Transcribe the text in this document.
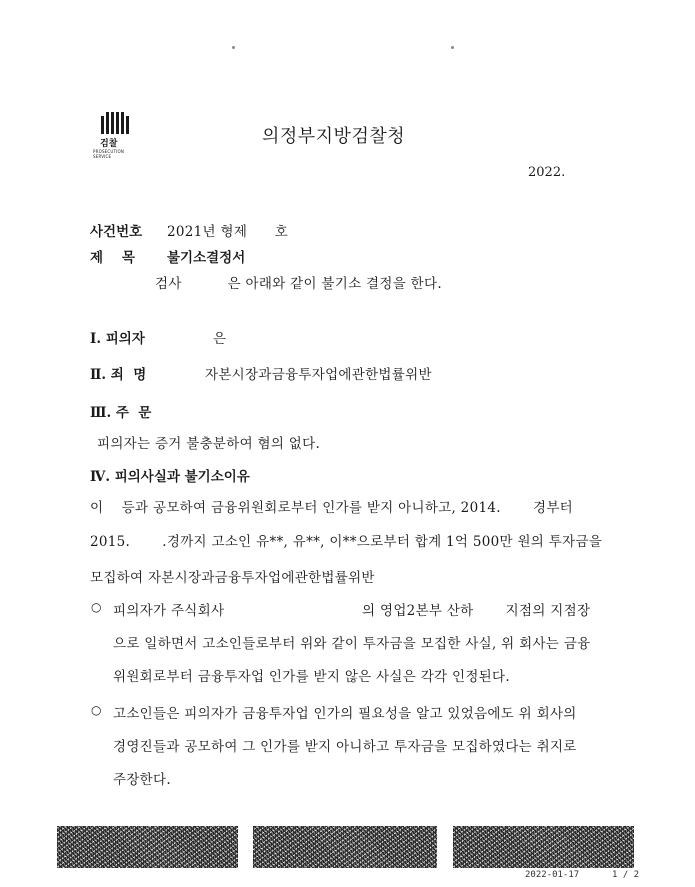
검찰
PROSECUTION SERVICE
의정부지방검찰청
2022.
사건번호 2021년 형제      호
제    목 불기소결정서
검사          은 아래와 같이 불기소 결정을 한다.
Ⅰ. 피의자	은
Ⅱ. 죄  명	자본시장과금융투자업에관한법률위반
Ⅲ. 주  문
피의자는 증거 불충분하여 혐의 없다.
Ⅳ. 피의사실과 불기소이유
이    등과 공모하여 금융위원회로부터 인가를 받지 아니하고, 2014.       경부터
2015.       .경까지 고소인 유**, 유**, 이**으로부터 합계 1억 500만 원의 투자금을
모집하여 자본시장과금융투자업에관한법률위반
○ 피의자가 주식회사                              의 영업2본부 산하       지점의 지점장
으로 일하면서 고소인들로부터 위와 같이 투자금을 모집한 사실, 위 회사는 금융
위원회로부터 금융투자업 인가를 받지 않은 사실은 각각 인정된다.
○ 고소인들은 피의자가 금융투자업 인가의 필요성을 알고 있었음에도 위 회사의
경영진들과 공모하여 그 인가를 받지 아니하고 투자금을 모집하였다는 취지로
주장한다.
2022-01-17	1 / 2
